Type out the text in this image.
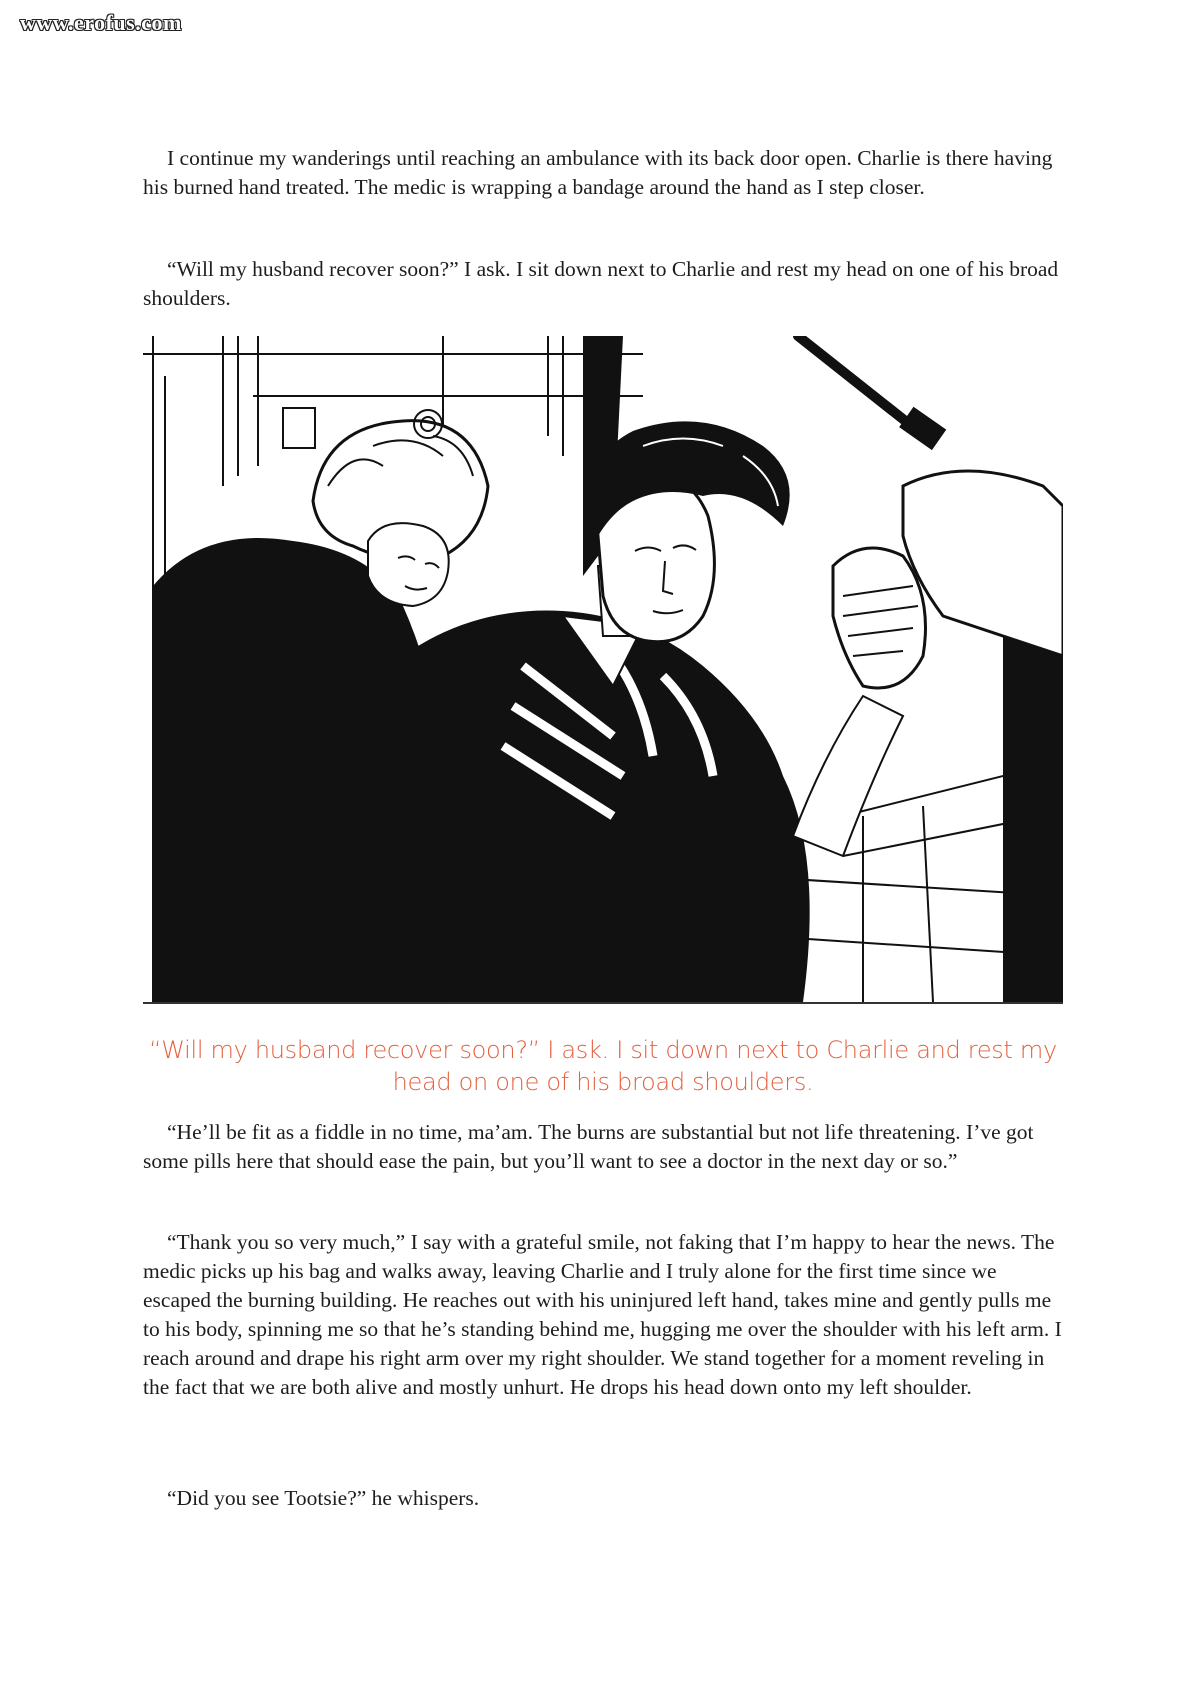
www.erofus.com

I continue my wanderings until reaching an ambulance with its back door open. Charlie is there having his burned hand treated. The medic is wrapping a bandage around the hand as I step closer.

“Will my husband recover soon?” I ask. I sit down next to Charlie and rest my head on one of his broad shoulders.

“Will my husband recover soon?” I ask. I sit down next to Charlie and rest my head on one of his broad shoulders.

“He’ll be fit as a fiddle in no time, ma’am. The burns are substantial but not life threatening. I’ve got some pills here that should ease the pain, but you’ll want to see a doctor in the next day or so.”

“Thank you so very much,” I say with a grateful smile, not faking that I’m happy to hear the news. The medic picks up his bag and walks away, leaving Charlie and I truly alone for the first time since we escaped the burning building. He reaches out with his uninjured left hand, takes mine and gently pulls me to his body, spinning me so that he’s standing behind me, hugging me over the shoulder with his left arm. I reach around and drape his right arm over my right shoulder. We stand together for a moment reveling in the fact that we are both alive and mostly unhurt. He drops his head down onto my left shoulder.

“Did you see Tootsie?” he whispers.
